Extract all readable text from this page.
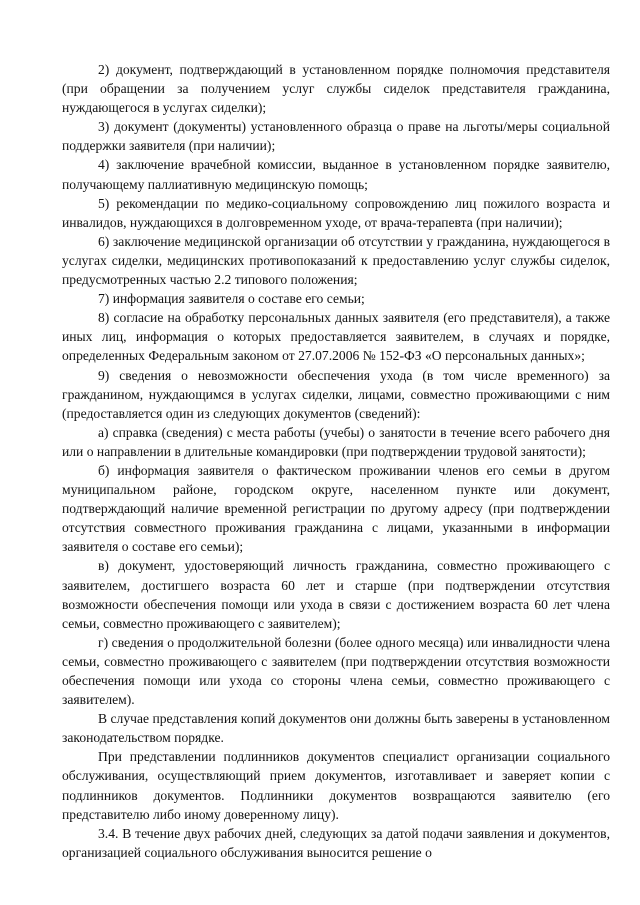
2) документ, подтверждающий в установленном порядке полномочия представителя (при обращении за получением услуг службы сиделок представителя гражданина, нуждающегося в услугах сиделки);

3) документ (документы) установленного образца о праве на льготы/меры социальной поддержки заявителя (при наличии);

4) заключение врачебной комиссии, выданное в установленном порядке заявителю, получающему паллиативную медицинскую помощь;

5) рекомендации по медико-социальному сопровождению лиц пожилого возраста и инвалидов, нуждающихся в долговременном уходе, от врача-терапевта (при наличии);

6) заключение медицинской организации об отсутствии у гражданина, нуждающегося в услугах сиделки, медицинских противопоказаний к предоставлению услуг службы сиделок, предусмотренных частью 2.2 типового положения;

7) информация заявителя о составе его семьи;

8) согласие на обработку персональных данных заявителя (его представителя), а также иных лиц, информация о которых предоставляется заявителем, в случаях и порядке, определенных Федеральным законом от 27.07.2006 № 152-ФЗ «О персональных данных»;

9) сведения о невозможности обеспечения ухода (в том числе временного) за гражданином, нуждающимся в услугах сиделки, лицами, совместно проживающими с ним (предоставляется один из следующих документов (сведений):

а) справка (сведения) с места работы (учебы) о занятости в течение всего рабочего дня или о направлении в длительные командировки (при подтверждении трудовой занятости);

б) информация заявителя о фактическом проживании членов его семьи в другом муниципальном районе, городском округе, населенном пункте или документ, подтверждающий наличие временной регистрации по другому адресу (при подтверждении отсутствия совместного проживания гражданина с лицами, указанными в информации заявителя о составе его семьи);

в) документ, удостоверяющий личность гражданина, совместно проживающего с заявителем, достигшего возраста 60 лет и старше (при подтверждении отсутствия возможности обеспечения помощи или ухода в связи с достижением возраста 60 лет члена семьи, совместно проживающего с заявителем);

г) сведения о продолжительной болезни (более одного месяца) или инвалидности члена семьи, совместно проживающего с заявителем (при подтверждении отсутствия возможности обеспечения помощи или ухода со стороны члена семьи, совместно проживающего с заявителем).

В случае представления копий документов они должны быть заверены в установленном законодательством порядке.

При представлении подлинников документов специалист организации социального обслуживания, осуществляющий прием документов, изготавливает и заверяет копии с подлинников документов. Подлинники документов возвращаются заявителю (его представителю либо иному доверенному лицу).

3.4. В течение двух рабочих дней, следующих за датой подачи заявления и документов, организацией социального обслуживания выносится решение о
